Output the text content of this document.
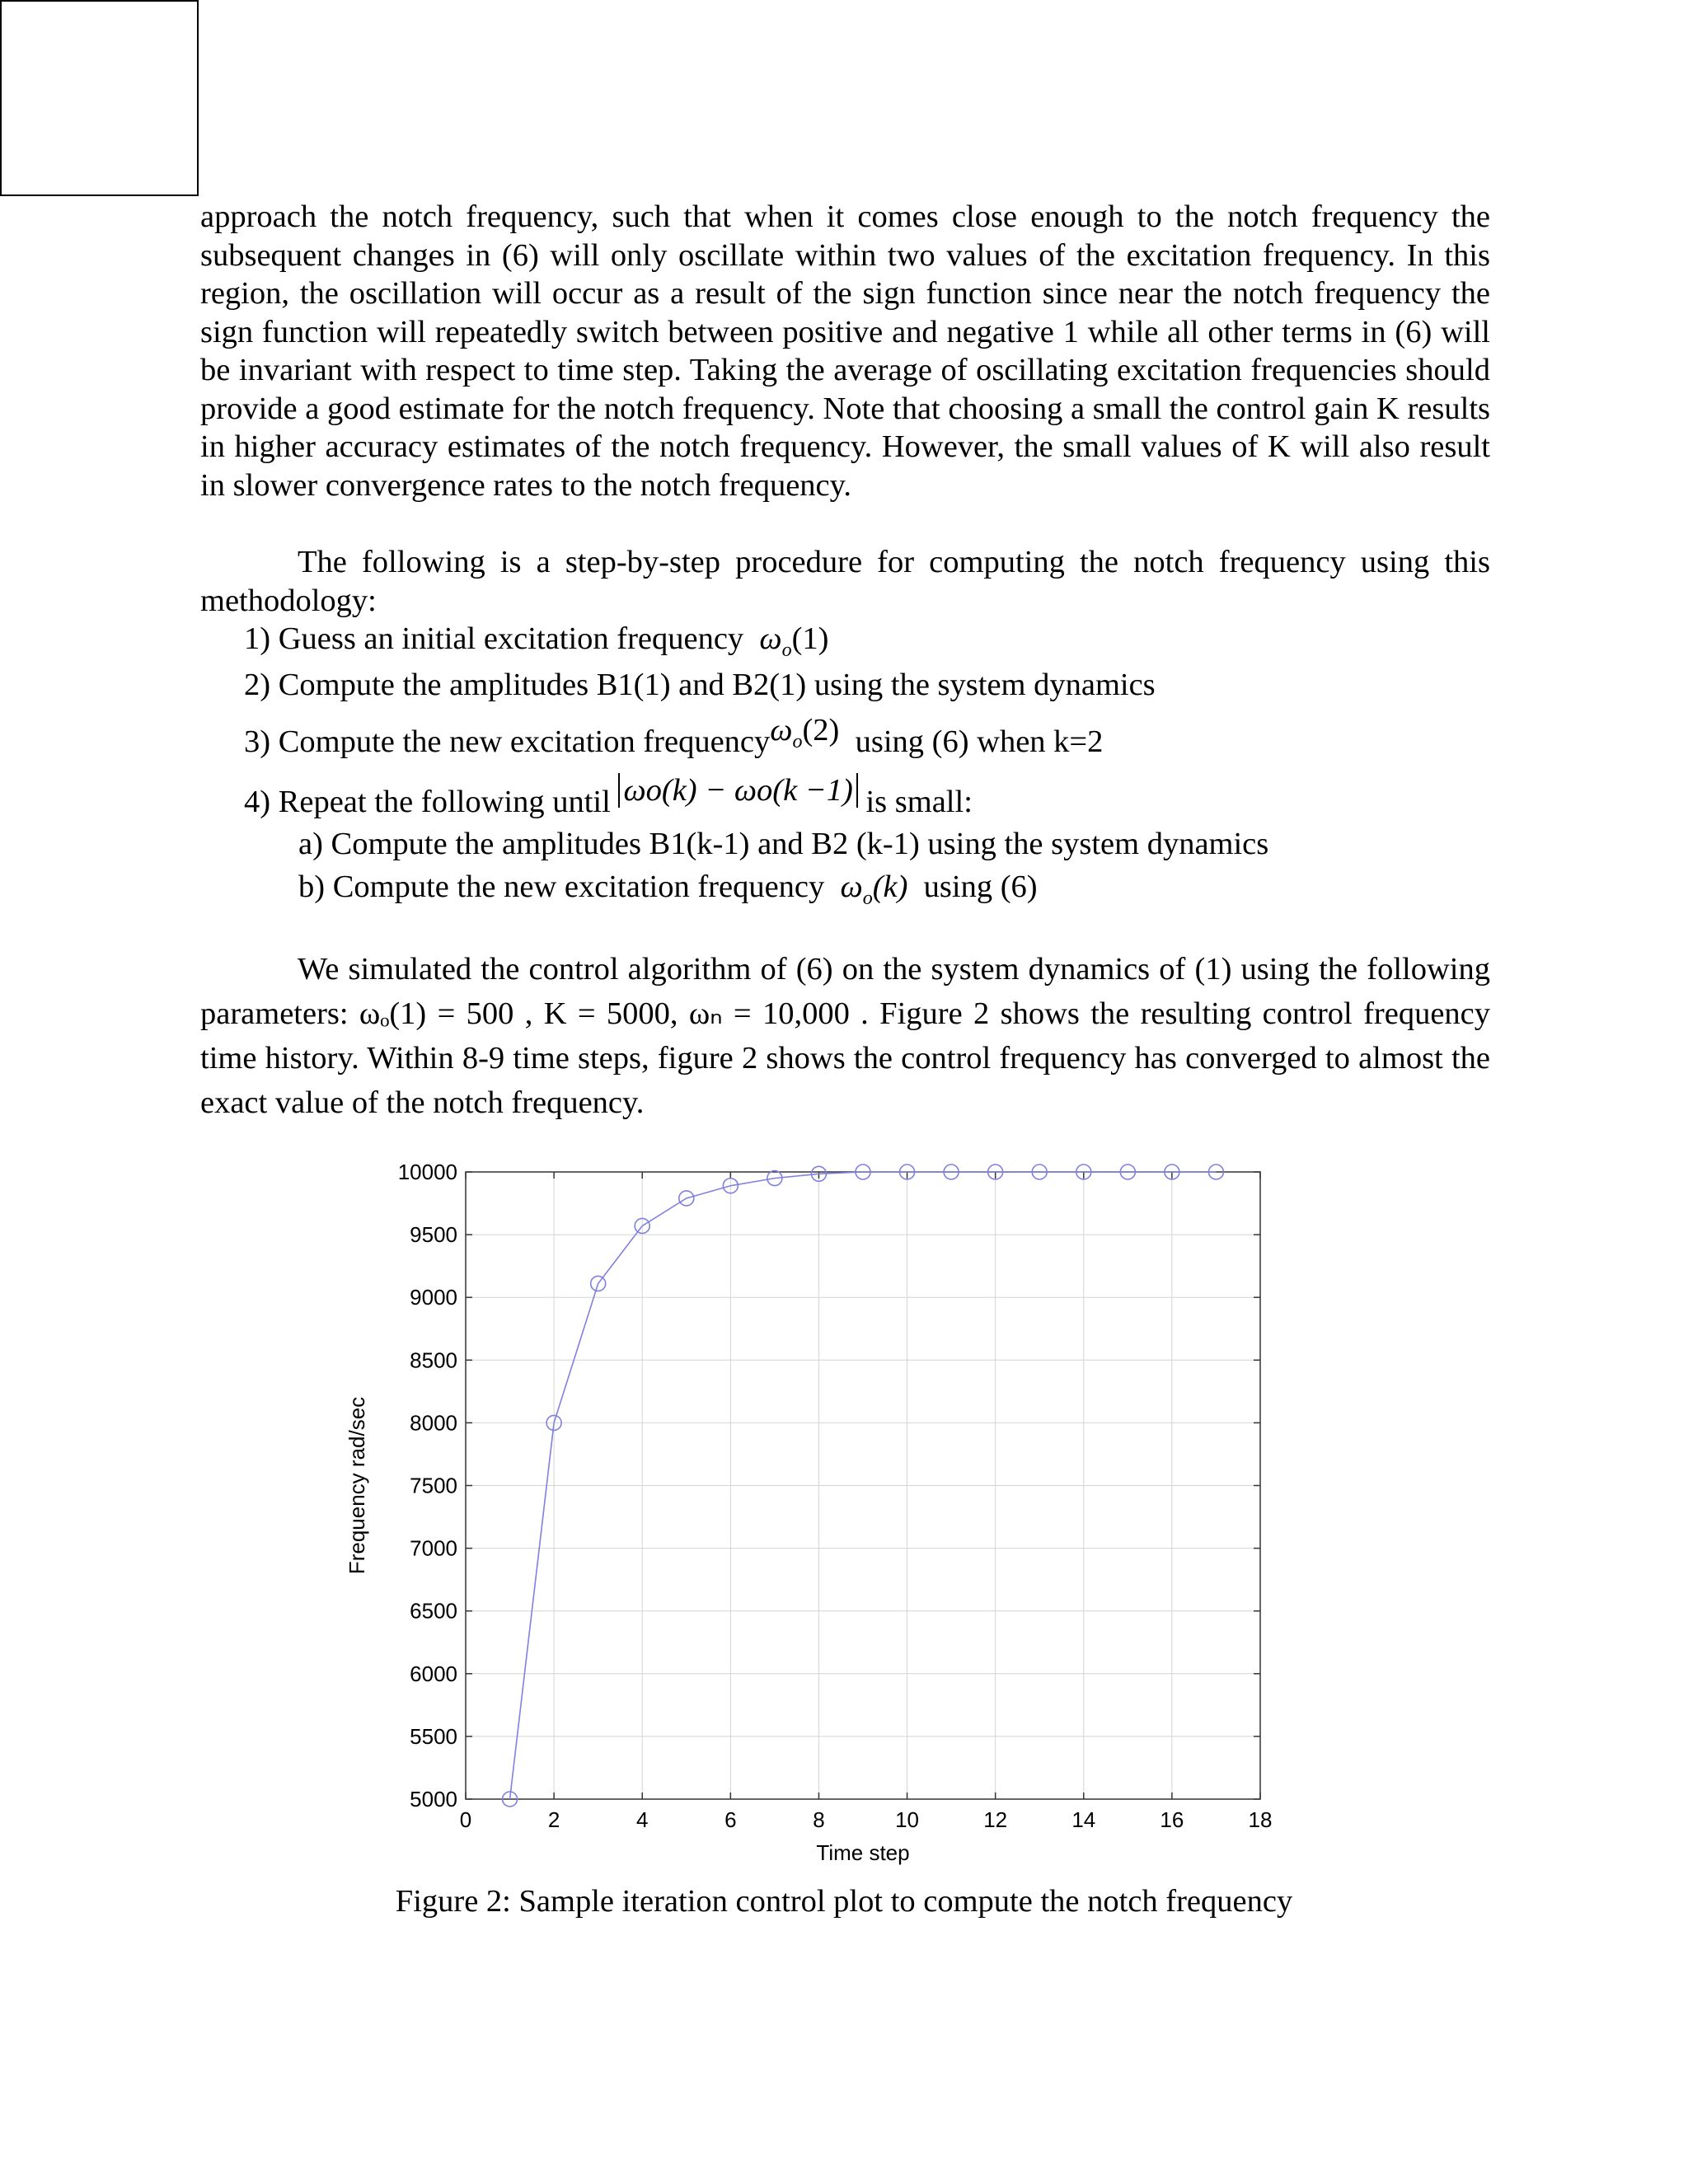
approach the notch frequency, such that when it comes close enough to the notch frequency the subsequent changes in (6) will only oscillate within two values of the excitation frequency. In this region, the oscillation will occur as a result of the sign function since near the notch frequency the sign function will repeatedly switch between positive and negative 1 while all other terms in (6) will be invariant with respect to time step. Taking the average of oscillating excitation frequencies should provide a good estimate for the notch frequency. Note that choosing a small the control gain K results in higher accuracy estimates of the notch frequency. However, the small values of K will also result in slower convergence rates to the notch frequency.

The following is a step-by-step procedure for computing the notch frequency using this methodology:

1) Guess an initial excitation frequency $\omega_o(1)$
2) Compute the amplitudes B1(1) and B2(1) using the system dynamics
3) Compute the new excitation frequencyω$_o$(2) using (6) when k=2
4) Repeat the following until ωo(k) − ωo(k −1) is small:
a) Compute the amplitudes B1(k-1) and B2 (k-1) using the system dynamics
b) Compute the new excitation frequency $\omega_o(k)$ using (6)

We simulated the control algorithm of (6) on the system dynamics of (1) using the following parameters: ωₒ(1) = 500 , K = 5000, ωₙ = 10,000 . Figure 2 shows the resulting control frequency time history. Within 8-9 time steps, figure 2 shows the control frequency has converged to almost the exact value of the notch frequency.

0	2	4	6	8	10	12	14	16	18
5000
5500
6000
6500
7000
7500
8000
8500
9000
9500
10000
Time step
Frequency rad/sec
Figure 2: Sample iteration control plot to compute the notch frequency
